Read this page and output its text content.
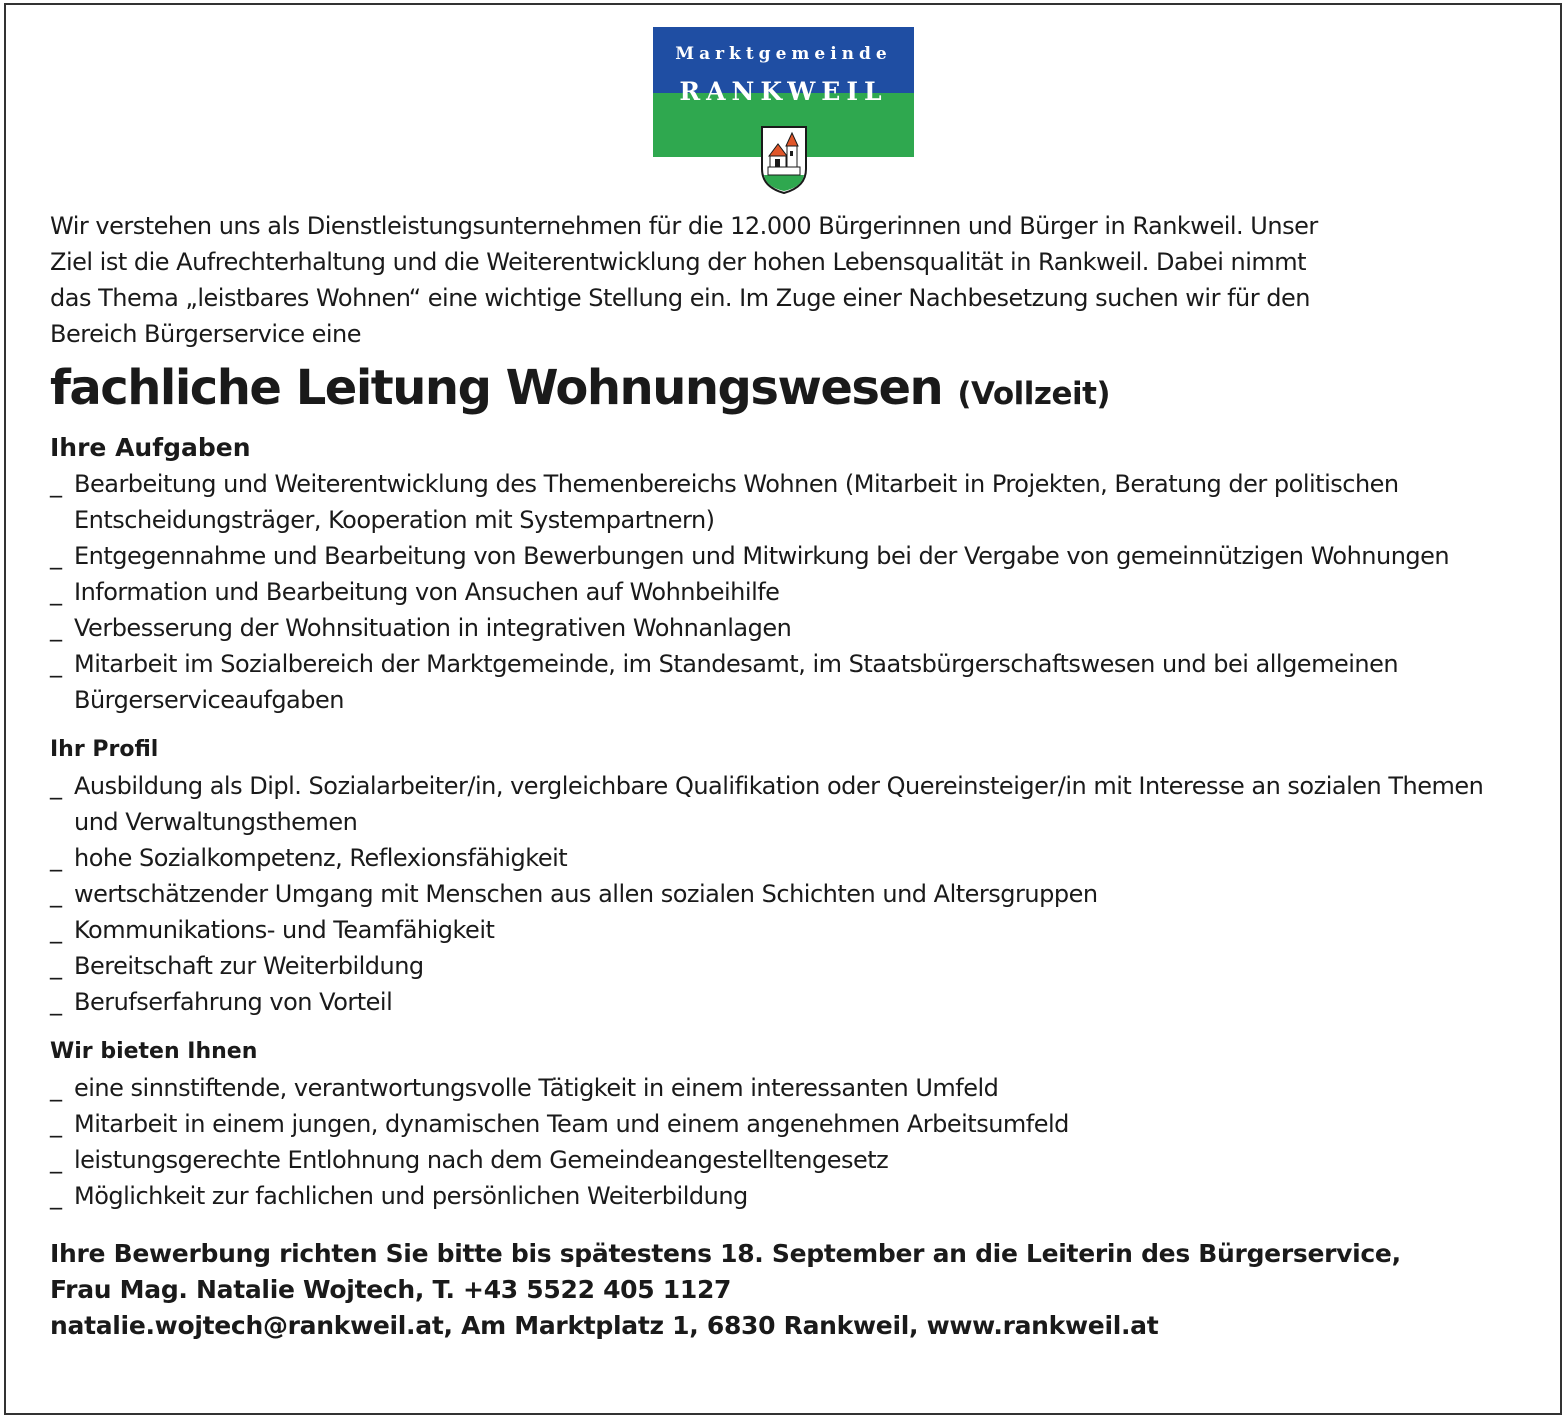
Marktgemeinde
RANKWEIL

Wir verstehen uns als Dienstleistungsunternehmen für die 12.000 Bürgerinnen und Bürger in Rankweil. Unser

Ziel ist die Aufrechterhaltung und die Weiterentwicklung der hohen Lebensqualität in Rankweil. Dabei nimmt

das Thema „leistbares Wohnen“ eine wichtige Stellung ein. Im Zuge einer Nachbesetzung suchen wir für den

Bereich Bürgerservice eine

fachliche Leitung Wohnungswesen (Vollzeit)
Ihre Aufgaben
_ Bearbeitung und Weiterentwicklung des Themenbereichs Wohnen (Mitarbeit in Projekten, Beratung der politischen Entscheidungsträger, Kooperation mit Systempartnern)
_ Entgegennahme und Bearbeitung von Bewerbungen und Mitwirkung bei der Vergabe von gemeinnützigen Wohnungen
_ Information und Bearbeitung von Ansuchen auf Wohnbeihilfe
_ Verbesserung der Wohnsituation in integrativen Wohnanlagen
_ Mitarbeit im Sozialbereich der Marktgemeinde, im Standesamt, im Staatsbürgerschaftswesen und bei allgemeinen Bürgerserviceaufgaben
Ihr Profil
_ Ausbildung als Dipl. Sozialarbeiter/in, vergleichbare Qualifikation oder Quereinsteiger/in mit Interesse an sozialen Themen und Verwaltungsthemen
_ hohe Sozialkompetenz, Reflexionsfähigkeit
_ wertschätzender Umgang mit Menschen aus allen sozialen Schichten und Altersgruppen
_ Kommunikations- und Teamfähigkeit
_ Bereitschaft zur Weiterbildung
_ Berufserfahrung von Vorteil
Wir bieten Ihnen
_ eine sinnstiftende, verantwortungsvolle Tätigkeit in einem interessanten Umfeld
_ Mitarbeit in einem jungen, dynamischen Team und einem angenehmen Arbeitsumfeld
_ leistungsgerechte Entlohnung nach dem Gemeindeangestelltengesetz
_ Möglichkeit zur fachlichen und persönlichen Weiterbildung
Ihre Bewerbung richten Sie bitte bis spätestens 18. September an die Leiterin des Bürgerservice,
Frau Mag. Natalie Wojtech, T. +43 5522 405 1127
natalie.wojtech@rankweil.at, Am Marktplatz 1, 6830 Rankweil, www.rankweil.at
